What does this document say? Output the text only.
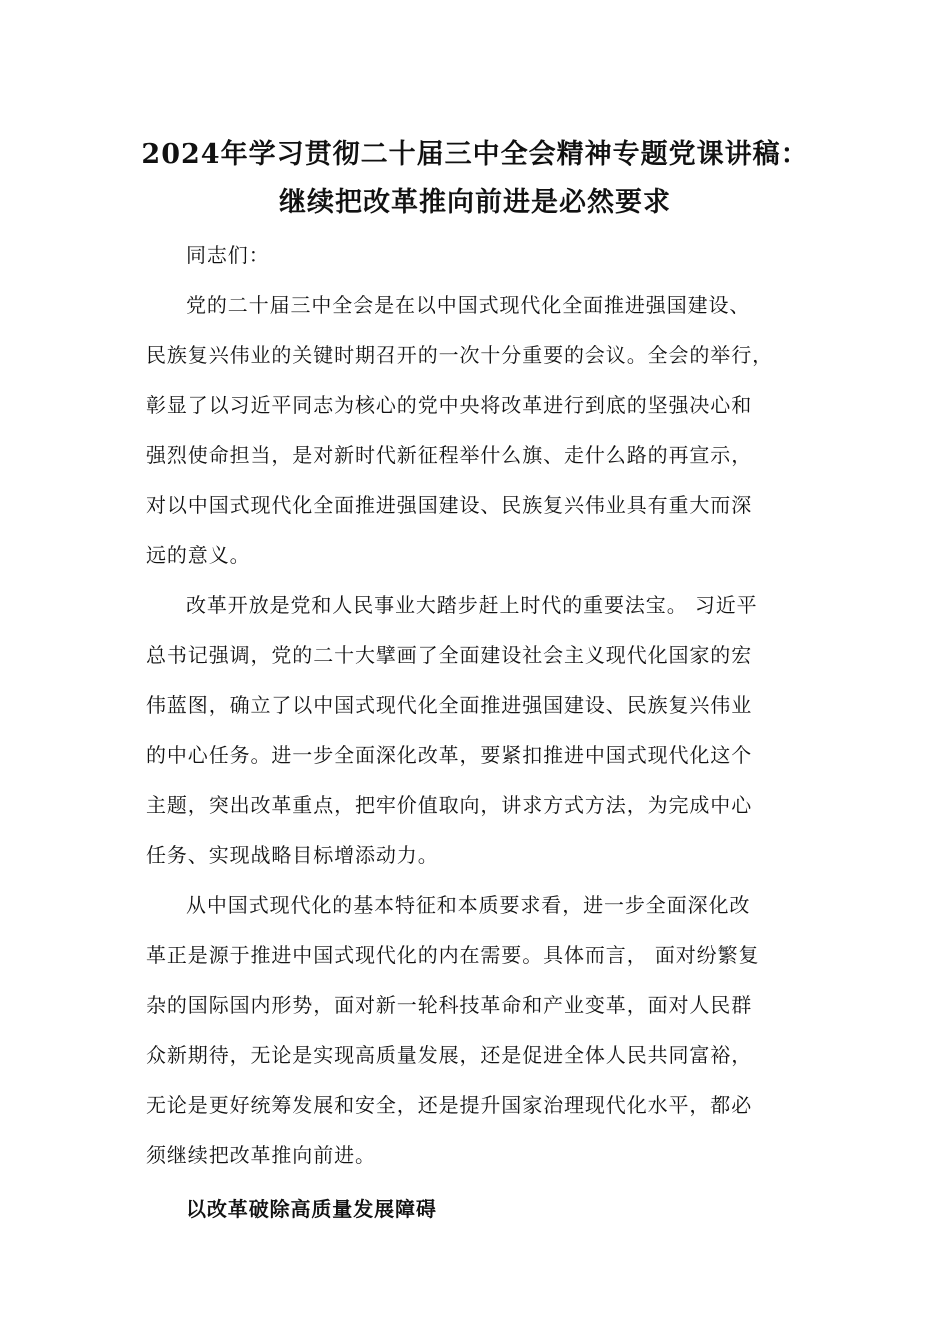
2024年学习贯彻二十届三中全会精神专题党课讲稿：
继续把改革推向前进是必然要求

同志们：

党的二十届三中全会是在以中国式现代化全面推进强国建设、
民族复兴伟业的关键时期召开的一次十分重要的会议。全会的举行，
彰显了以习近平同志为核心的党中央将改革进行到底的坚强决心和
强烈使命担当，是对新时代新征程举什么旗、走什么路的再宣示，
对以中国式现代化全面推进强国建设、民族复兴伟业具有重大而深
远的意义。

改革开放是党和人民事业大踏步赶上时代的重要法宝。 习近平
总书记强调，党的二十大擘画了全面建设社会主义现代化国家的宏
伟蓝图，确立了以中国式现代化全面推进强国建设、民族复兴伟业
的中心任务。进一步全面深化改革，要紧扣推进中国式现代化这个
主题，突出改革重点，把牢价值取向，讲求方式方法，为完成中心
任务、实现战略目标增添动力。

从中国式现代化的基本特征和本质要求看，进一步全面深化改
革正是源于推进中国式现代化的内在需要。具体而言， 面对纷繁复
杂的国际国内形势，面对新一轮科技革命和产业变革，面对人民群
众新期待，无论是实现高质量发展，还是促进全体人民共同富裕，
无论是更好统筹发展和安全，还是提升国家治理现代化水平，都必
须继续把改革推向前进。

以改革破除高质量发展障碍
